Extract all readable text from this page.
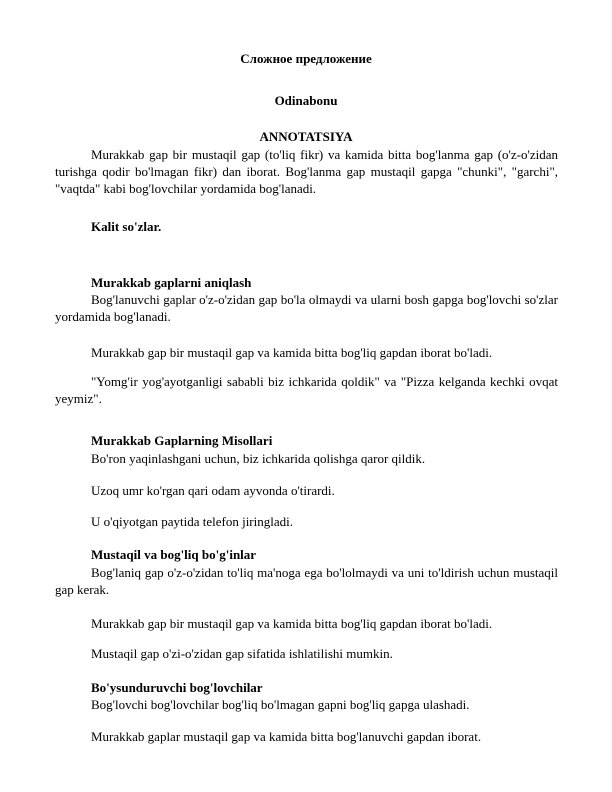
Сложное предложение
Odinabonu
ANNOTATSIYA

Murakkab gap bir mustaqil gap (to'liq fikr) va kamida bitta bog'lanma gap (o'z-o'zidan turishga qodir bo'lmagan fikr) dan iborat. Bog'lanma gap mustaqil gapga "chunki", "garchi", "vaqtda" kabi bog'lovchilar yordamida bog'lanadi.

Kalit so'zlar.

Murakkab gaplarni aniqlash

Bog'lanuvchi gaplar o'z-o'zidan gap bo'la olmaydi va ularni bosh gapga bog'lovchi so'zlar yordamida bog'lanadi.

Murakkab gap bir mustaqil gap va kamida bitta bog'liq gapdan iborat bo'ladi.

"Yomg'ir yog'ayotganligi sababli biz ichkarida qoldik" va "Pizza kelganda kechki ovqat yeymiz".

Murakkab Gaplarning Misollari

Bo'ron yaqinlashgani uchun, biz ichkarida qolishga qaror qildik.

Uzoq umr ko'rgan qari odam ayvonda o'tirardi.

U o'qiyotgan paytida telefon jiringladi.

Mustaqil va bog'liq bo'g'inlar

Bog'laniq gap o'z-o'zidan to'liq ma'noga ega bo'lolmaydi va uni to'ldirish uchun mustaqil gap kerak.

Murakkab gap bir mustaqil gap va kamida bitta bog'liq gapdan iborat bo'ladi.

Mustaqil gap o'zi-o'zidan gap sifatida ishlatilishi mumkin.

Bo'ysunduruvchi bog'lovchilar

Bog'lovchi bog'lovchilar bog'liq bo'lmagan gapni bog'liq gapga ulashadi.

Murakkab gaplar mustaqil gap va kamida bitta bog'lanuvchi gapdan iborat.
